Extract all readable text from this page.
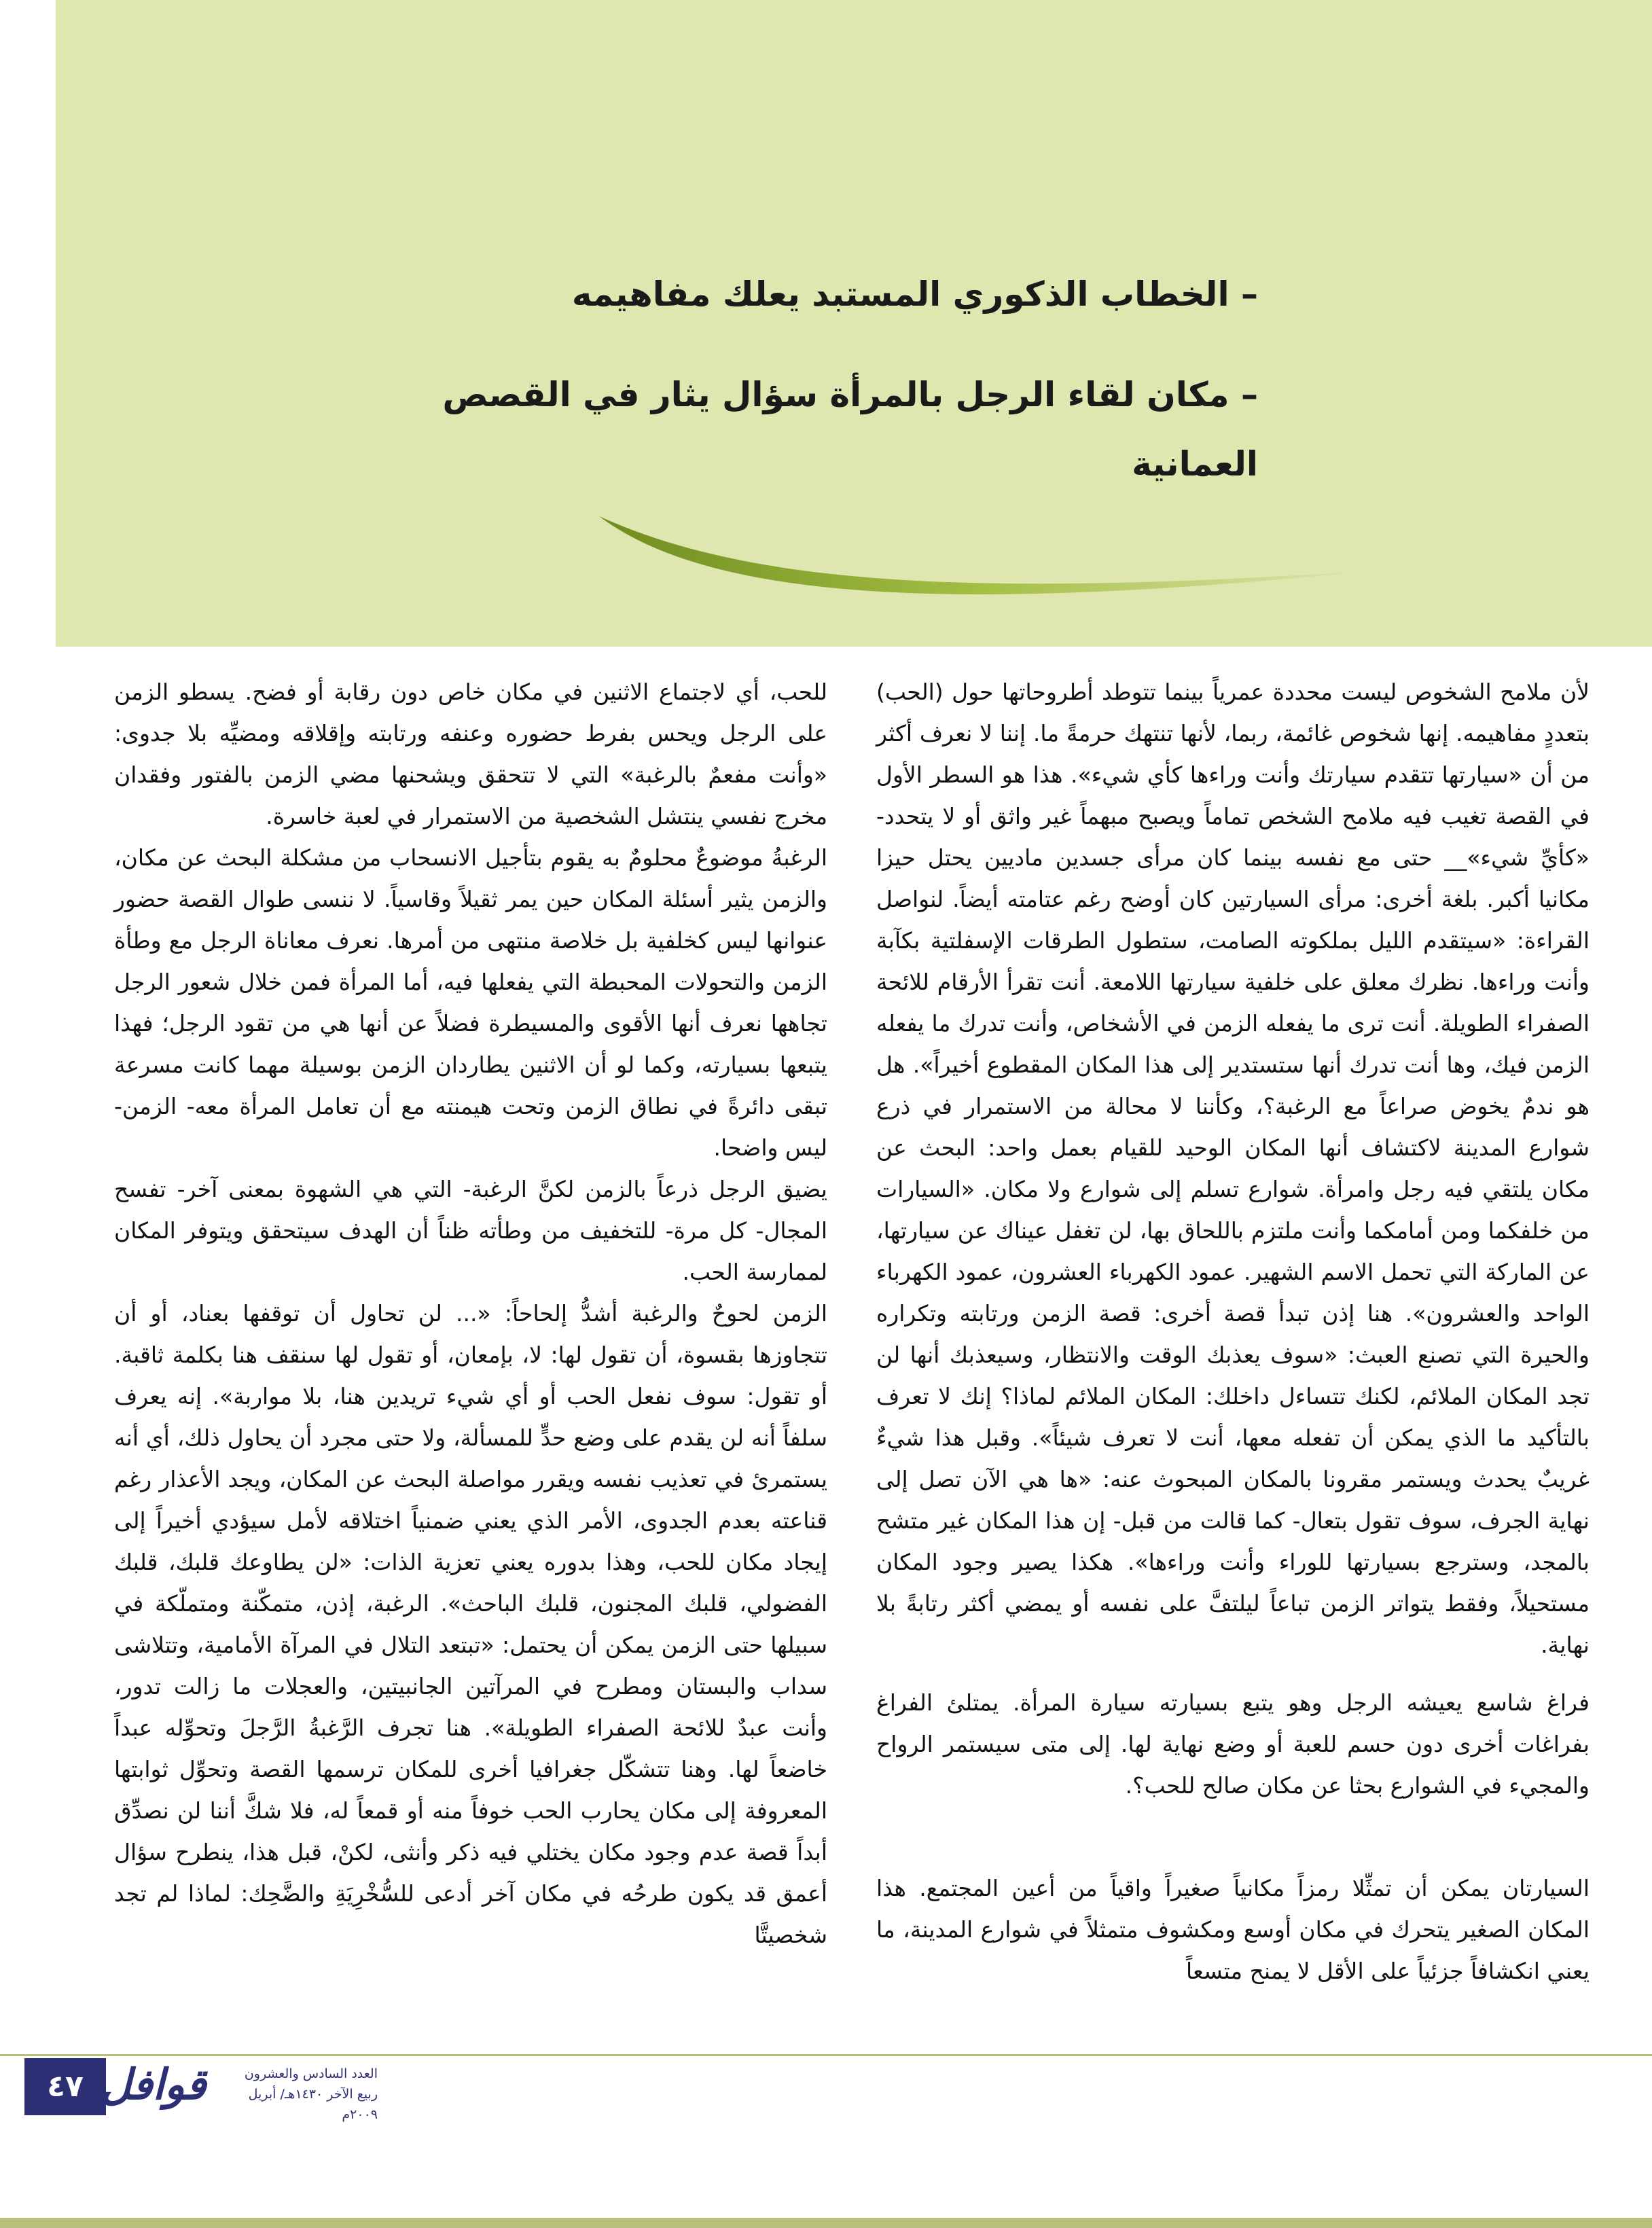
– الخطاب الذكوري المستبد يعلك مفاهيمه
– مكان لقاء الرجل بالمرأة سؤال يثار في القصص
العمانية

لأن ملامح الشخوص ليست محددة عمرياً بينما تتوطد أطروحاتها حول (الحب) بتعددٍ مفاهيمه. إنها شخوص غائمة، ربما، لأنها تنتهك حرمةً ما. إننا لا نعرف أكثر من أن «سيارتها تتقدم سيارتك وأنت وراءها كأي شيء». هذا هو السطر الأول في القصة تغيب فيه ملامح الشخص تماماً ويصبح مبهماً غير واثق أو لا يتحدد- «كأيِّ شيء»__ حتى مع نفسه بينما كان مرأى جسدين ماديين يحتل حيزا مكانيا أكبر. بلغة أخرى: مرأى السيارتين كان أوضح رغم عتامته أيضاً. لنواصل القراءة: «سيتقدم الليل بملكوته الصامت، ستطول الطرقات الإسفلتية بكآبة وأنت وراءها. نظرك معلق على خلفية سيارتها اللامعة. أنت تقرأ الأرقام للائحة الصفراء الطويلة. أنت ترى ما يفعله الزمن في الأشخاص، وأنت تدرك ما يفعله الزمن فيك، وها أنت تدرك أنها ستستدير إلى هذا المكان المقطوع أخيراً». هل هو ندمٌ يخوض صراعاً مع الرغبة؟، وكأننا لا محالة من الاستمرار في ذرع شوارع المدينة لاكتشاف أنها المكان الوحيد للقيام بعمل واحد: البحث عن مكان يلتقي فيه رجل وامرأة. شوارع تسلم إلى شوارع ولا مكان. «السيارات من خلفكما ومن أمامكما وأنت ملتزم باللحاق بها، لن تغفل عيناك عن سيارتها، عن الماركة التي تحمل الاسم الشهير. عمود الكهرباء العشرون، عمود الكهرباء الواحد والعشرون». هنا إذن تبدأ قصة أخرى: قصة الزمن ورتابته وتكراره والحيرة التي تصنع العبث: «سوف يعذبك الوقت والانتظار، وسيعذبك أنها لن تجد المكان الملائم، لكنك تتساءل داخلك: المكان الملائم لماذا؟ إنك لا تعرف بالتأكيد ما الذي يمكن أن تفعله معها، أنت لا تعرف شيئاً». وقبل هذا شيءٌ غريبٌ يحدث ويستمر مقرونا بالمكان المبحوث عنه: «ها هي الآن تصل إلى نهاية الجرف، سوف تقول بتعال- كما قالت من قبل- إن هذا المكان غير متشح بالمجد، وسترجع بسيارتها للوراء وأنت وراءها». هكذا يصير وجود المكان مستحيلاً، وفقط يتواتر الزمن تباعاً ليلتفَّ على نفسه أو يمضي أكثر رتابةً بلا نهاية.

فراغ شاسع يعيشه الرجل وهو يتبع بسيارته سيارة المرأة. يمتلئ الفراغ بفراغات أخرى دون حسم للعبة أو وضع نهاية لها. إلى متى سيستمر الرواح والمجيء في الشوارع بحثا عن مكان صالح للحب؟.

السيارتان يمكن أن تمثِّلا رمزاً مكانياً صغيراً واقياً من أعين المجتمع. هذا المكان الصغير يتحرك في مكان أوسع ومكشوف متمثلاً في شوارع المدينة، ما يعني انكشافاً جزئياً على الأقل لا يمنح متسعاً

للحب، أي لاجتماع الاثنين في مكان خاص دون رقابة أو فضح. يسطو الزمن على الرجل ويحس بفرط حضوره وعنفه ورتابته وإقلاقه ومضيِّه بلا جدوى: «وأنت مفعمٌ بالرغبة» التي لا تتحقق ويشحنها مضي الزمن بالفتور وفقدان مخرج نفسي ينتشل الشخصية من الاستمرار في لعبة خاسرة.

الرغبةُ موضوعٌ محلومٌ به يقوم بتأجيل الانسحاب من مشكلة البحث عن مكان، والزمن يثير أسئلة المكان حين يمر ثقيلاً وقاسياً. لا ننسى طوال القصة حضور عنوانها ليس كخلفية بل خلاصة منتهى من أمرها. نعرف معاناة الرجل مع وطأة الزمن والتحولات المحبطة التي يفعلها فيه، أما المرأة فمن خلال شعور الرجل تجاهها نعرف أنها الأقوى والمسيطرة فضلاً عن أنها هي من تقود الرجل؛ فهذا يتبعها بسيارته، وكما لو أن الاثنين يطاردان الزمن بوسيلة مهما كانت مسرعة تبقى دائرةً في نطاق الزمن وتحت هيمنته مع أن تعامل المرأة معه- الزمن- ليس واضحا.

يضيق الرجل ذرعاً بالزمن لكنَّ الرغبة- التي هي الشهوة بمعنى آخر- تفسح المجال- كل مرة- للتخفيف من وطأته ظناً أن الهدف سيتحقق ويتوفر المكان لممارسة الحب.

الزمن لحوحٌ والرغبة أشدُّ إلحاحاً: «... لن تحاول أن توقفها بعناد، أو أن تتجاوزها بقسوة، أن تقول لها: لا، بإمعان، أو تقول لها سنقف هنا بكلمة ثاقبة. أو تقول: سوف نفعل الحب أو أي شيء تريدين هنا، بلا مواربة». إنه يعرف سلفاً أنه لن يقدم على وضع حدٍّ للمسألة، ولا حتى مجرد أن يحاول ذلك، أي أنه يستمرئ في تعذيب نفسه ويقرر مواصلة البحث عن المكان، ويجد الأعذار رغم قناعته بعدم الجدوى، الأمر الذي يعني ضمنياً اختلاقه لأمل سيؤدي أخيراً إلى إيجاد مكان للحب، وهذا بدوره يعني تعزية الذات: «لن يطاوعك قلبك، قلبك الفضولي، قلبك المجنون، قلبك الباحث». الرغبة، إذن، متمكّنة ومتملّكة في سبيلها حتى الزمن يمكن أن يحتمل: «تبتعد التلال في المرآة الأمامية، وتتلاشى سداب والبستان ومطرح في المرآتين الجانبيتين، والعجلات ما زالت تدور، وأنت عبدٌ للائحة الصفراء الطويلة». هنا تجرف الرَّغبةُ الرَّجلَ وتحوِّله عبداً خاضعاً لها. وهنا تتشكّل جغرافيا أخرى للمكان ترسمها القصة وتحوِّل ثوابتها المعروفة إلى مكان يحارب الحب خوفاً منه أو قمعاً له، فلا شكَّ أننا لن نصدِّق أبداً قصة عدم وجود مكان يختلي فيه ذكر وأنثى، لكنْ، قبل هذا، ينطرح سؤال أعمق قد يكون طرحُه في مكان آخر أدعى للسُّخْرِيَةِ والضَّحِك: لماذا لم تجد شخصيتَّا

٤٧ قوافل	العدد السادس والعشرون
ربيع الآخر ١٤٣٠هـ/ أبريل ٢٠٠٩م
